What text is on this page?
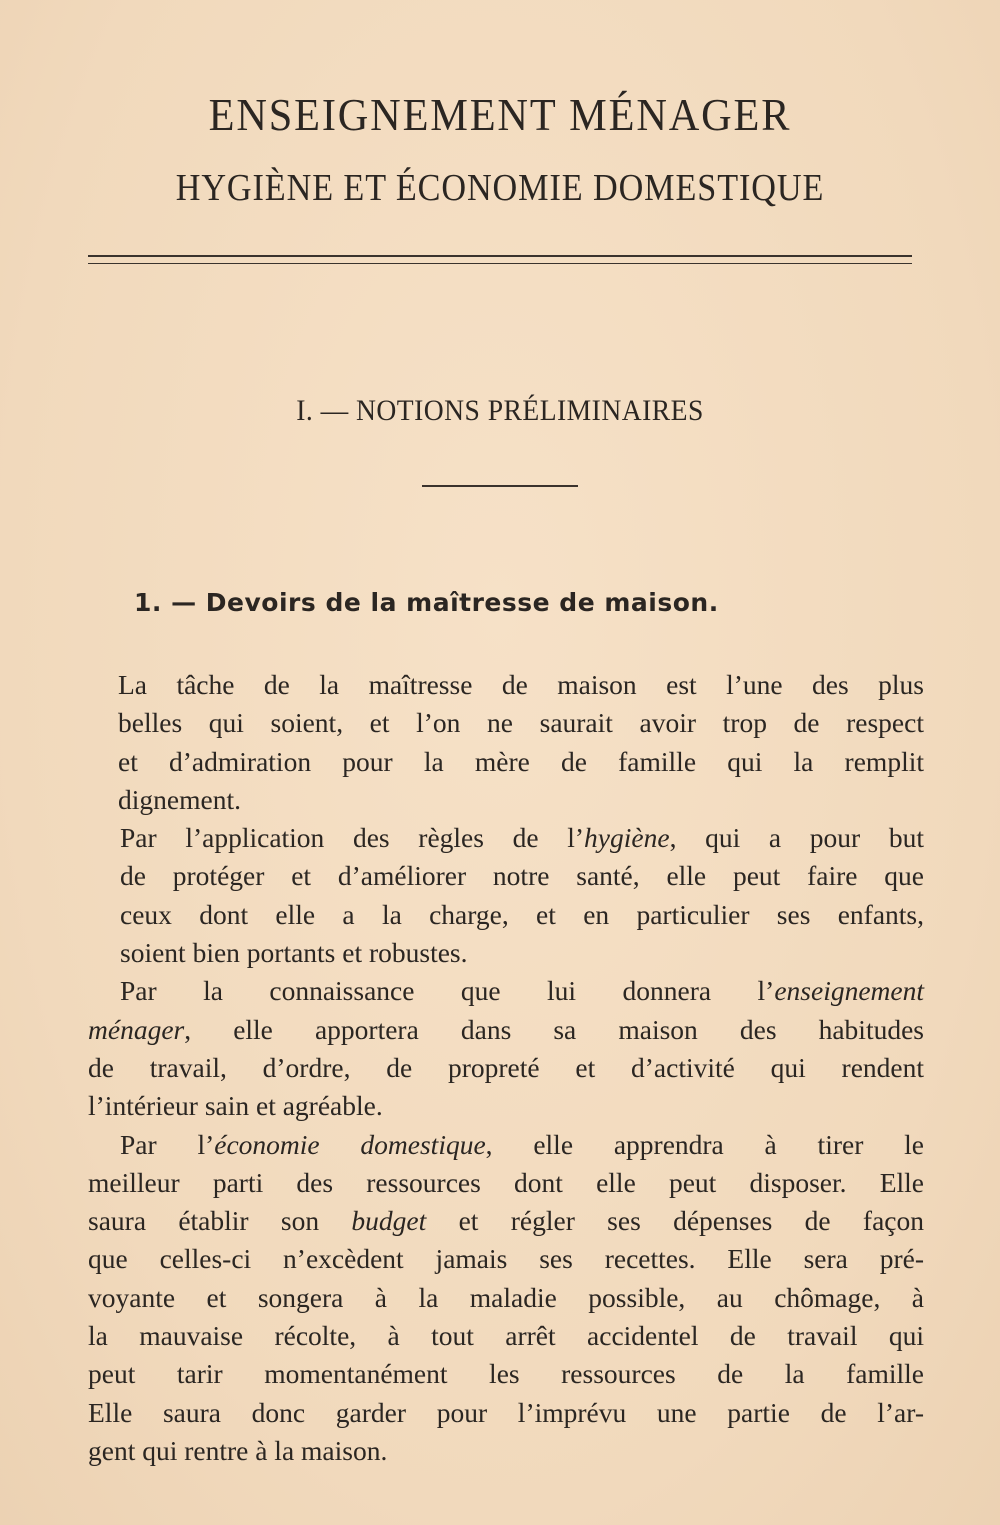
ENSEIGNEMENT MÉNAGER
HYGIÈNE ET ÉCONOMIE DOMESTIQUE
I. — NOTIONS PRÉLIMINAIRES
1. — Devoirs de la maîtresse de maison.

La tâche de la maîtresse de maison est l’une des plus
belles qui soient, et l’on ne saurait avoir trop de respect
et d’admiration pour la mère de famille qui la remplit
dignement.

Par l’application des règles de l’hygiène, qui a pour but
de protéger et d’améliorer notre santé, elle peut faire que
ceux dont elle a la charge, et en particulier ses enfants,
soient bien portants et robustes.

Par la connaissance que lui donnera l’enseignement
ménager, elle apportera dans sa maison des habitudes
de travail, d’ordre, de propreté et d’activité qui rendent
l’intérieur sain et agréable.

Par l’économie domestique, elle apprendra à tirer le
meilleur parti des ressources dont elle peut disposer. Elle
saura établir son budget et régler ses dépenses de façon
que celles-ci n’excèdent jamais ses recettes. Elle sera pré-
voyante et songera à la maladie possible, au chômage, à
la mauvaise récolte, à tout arrêt accidentel de travail qui
peut tarir momentanément les ressources de la famille
Elle saura donc garder pour l’imprévu une partie de l’ar-
gent qui rentre à la maison.
